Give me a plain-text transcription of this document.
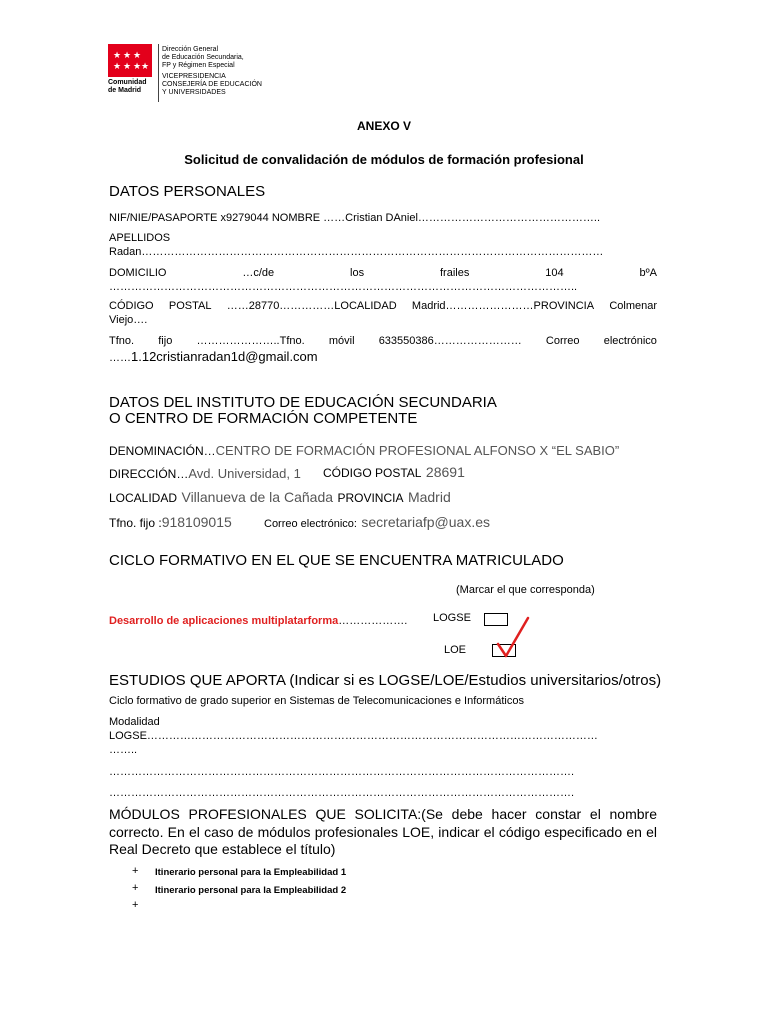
★ ★ ★
★ ★ ★ ★
Comunidad
de Madrid
Dirección General
de Educación Secundaria,
FP y Régimen Especial
VICEPRESIDENCIA
CONSEJERÍA DE EDUCACIÓN
Y UNIVERSIDADES
ANEXO V
Solicitud de convalidación de módulos de formación profesional
DATOS PERSONALES
NIF/NIE/PASAPORTE x9279044 NOMBRE ……Cristian DAniel…………………………………………..
APELLIDOS
Radan………………………………………………………………………………………………………………
DOMICILIO	…c/de	los	frailes	104	bºA
………………………………………………………………………………………………………………..
CÓDIGO POSTAL ……28770……………LOCALIDAD Madrid……………………PROVINCIA Colmenar
Viejo….
Tfno. fijo …………………..Tfno. móvil 633550386…………………… Correo electrónico
……1.12cristianradan1d@gmail.com
DATOS DEL INSTITUTO DE EDUCACIÓN SECUNDARIA
O CENTRO DE FORMACIÓN COMPETENTE
DENOMINACIÓN…CENTRO DE FORMACIÓN PROFESIONAL ALFONSO X “EL SABIO”
DIRECCIÓN…Avd. Universidad, 1 CÓDIGO POSTAL 28691
LOCALIDAD Villanueva de la Cañada PROVINCIA Madrid
Tfno. fijo :918109015	Correo electrónico: secretariafp@uax.es
CICLO FORMATIVO EN EL QUE SE ENCUENTRA MATRICULADO
(Marcar el que corresponda)
Desarrollo de aplicaciones multiplatarforma………………. LOGSE
LOE
ESTUDIOS QUE APORTA (Indicar si es LOGSE/LOE/Estudios universitarios/otros)
Ciclo formativo de grado superior en Sistemas de Telecomunicaciones e Informáticos
Modalidad
LOGSE……………………………………………………………………………………………………………
……..
……………………………………………………………………………………………………………….
……………………………………………………………………………………………………………….
MÓDULOS PROFESIONALES QUE SOLICITA:(Se debe hacer constar el nombre correcto. En el caso de módulos profesionales LOE, indicar el código especificado en el Real Decreto que establece el título)
+ Itinerario personal para la Empleabilidad 1
+ Itinerario personal para la Empleabilidad 2
+
